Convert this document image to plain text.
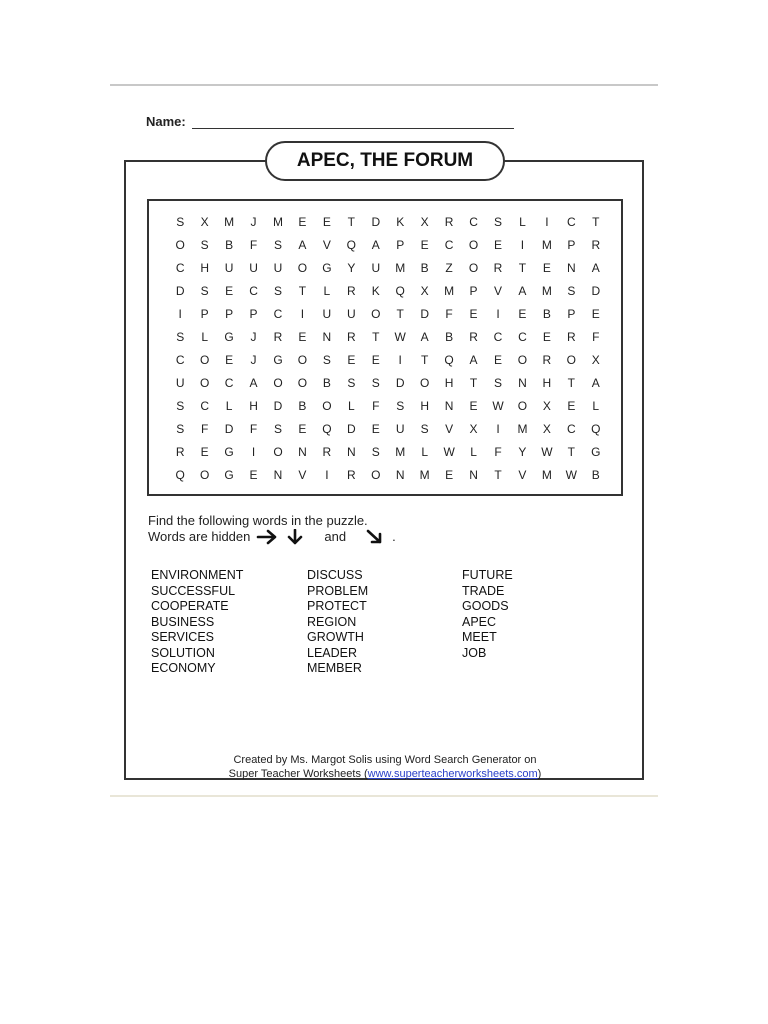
Name:
APEC, THE FORUM
S	X	M	J	M	E	E	T	D	K	X	R	C	S	L	I	C	T
O	S	B	F	S	A	V	Q	A	P	E	C	O	E	I	M	P	R
C	H	U	U	U	O	G	Y	U	M	B	Z	O	R	T	E	N	A
D	S	E	C	S	T	L	R	K	Q	X	M	P	V	A	M	S	D
I	P	P	P	C	I	U	U	O	T	D	F	E	I	E	B	P	E
S	L	G	J	R	E	N	R	T	W	A	B	R	C	C	E	R	F
C	O	E	J	G	O	S	E	E	I	T	Q	A	E	O	R	O	X
U	O	C	A	O	O	B	S	S	D	O	H	T	S	N	H	T	A
S	C	L	H	D	B	O	L	F	S	H	N	E	W	O	X	E	L
S	F	D	F	S	E	Q	D	E	U	S	V	X	I	M	X	C	Q
R	E	G	I	O	N	R	N	S	M	L	W	L	F	Y	W	T	G
Q	O	G	E	N	V	I	R	O	N	M	E	N	T	V	M	W	B
Find the following words in the puzzle.
Words are hidden	and	.
ENVIRONMENT
SUCCESSFUL
COOPERATE
BUSINESS
SERVICES
SOLUTION
ECONOMY
DISCUSS
PROBLEM
PROTECT
REGION
GROWTH
LEADER
MEMBER
FUTURE
TRADE
GOODS
APEC
MEET
JOB
Created by Ms. Margot Solis using Word Search Generator on
Super Teacher Worksheets (www.superteacherworksheets.com)
